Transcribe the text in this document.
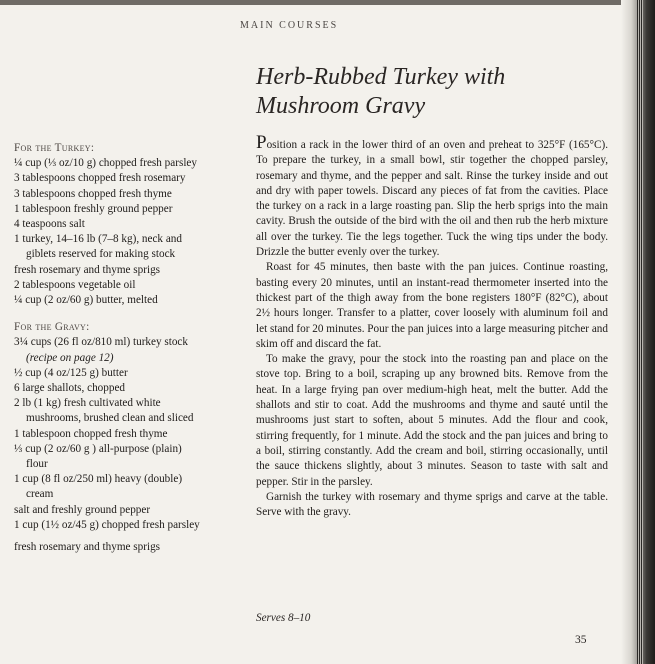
MAIN COURSES
Herb-Rubbed Turkey with Mushroom Gravy
For the Turkey:
¼ cup (⅓ oz/10 g) chopped fresh parsley
3 tablespoons chopped fresh rosemary
3 tablespoons chopped fresh thyme
1 tablespoon freshly ground pepper
4 teaspoons salt
1 turkey, 14–16 lb (7–8 kg), neck and
giblets reserved for making stock
fresh rosemary and thyme sprigs
2 tablespoons vegetable oil
¼ cup (2 oz/60 g) butter, melted
For the Gravy:
3¼ cups (26 fl oz/810 ml) turkey stock
(recipe on page 12)
½ cup (4 oz/125 g) butter
6 large shallots, chopped
2 lb (1 kg) fresh cultivated white
mushrooms, brushed clean and sliced
1 tablespoon chopped fresh thyme
⅓ cup (2 oz/60 g ) all-purpose (plain)
flour
1 cup (8 fl oz/250 ml) heavy (double)
cream
salt and freshly ground pepper
1 cup (1½ oz/45 g) chopped fresh parsley
fresh rosemary and thyme sprigs

Position a rack in the lower third of an oven and preheat to 325°F (165°C). To prepare the turkey, in a small bowl, stir together the chopped parsley, rosemary and thyme, and the pepper and salt. Rinse the turkey inside and out and dry with paper towels. Discard any pieces of fat from the cavities. Place the turkey on a rack in a large roasting pan. Slip the herb sprigs into the main cavity. Brush the outside of the bird with the oil and then rub the herb mixture all over the turkey. Tie the legs together. Tuck the wing tips under the body. Drizzle the butter evenly over the turkey.

Roast for 45 minutes, then baste with the pan juices. Continue roasting, basting every 20 minutes, until an instant-read thermometer inserted into the thickest part of the thigh away from the bone registers 180°F (82°C), about 2½ hours longer. Transfer to a platter, cover loosely with aluminum foil and let stand for 20 minutes. Pour the pan juices into a large measuring pitcher and skim off and discard the fat.

To make the gravy, pour the stock into the roasting pan and place on the stove top. Bring to a boil, scraping up any browned bits. Remove from the heat. In a large frying pan over medium-high heat, melt the butter. Add the shallots and stir to coat. Add the mushrooms and thyme and sauté until the mushrooms just start to soften, about 5 minutes. Add the flour and cook, stirring frequently, for 1 minute. Add the stock and the pan juices and bring to a boil, stirring constantly. Add the cream and boil, stirring occasionally, until the sauce thickens slightly, about 3 minutes. Season to taste with salt and pepper. Stir in the parsley.

Garnish the turkey with rosemary and thyme sprigs and carve at the table. Serve with the gravy.

Serves 8–10
35
